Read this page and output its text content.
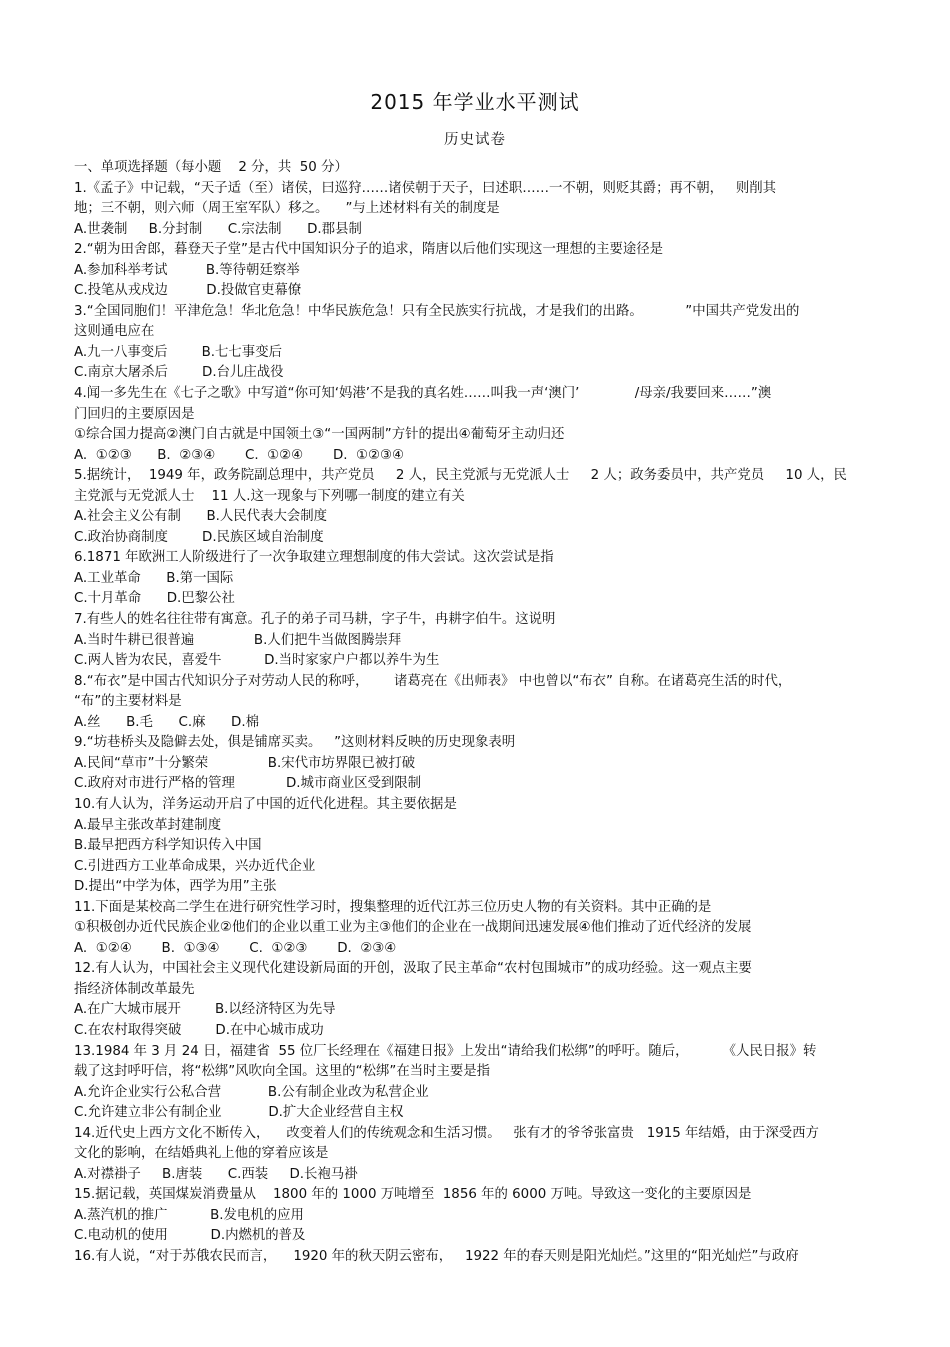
2015 年学业水平测试
历史试卷
一、单项选择题（每小题    2 分，共  50 分）
1.《孟子》中记载，“天子适（至）诸侯，曰巡狩……诸侯朝于天子，曰述职……一不朝，则贬其爵；再不朝，   则削其
地；三不朝，则六师（周王室军队）移之。    ”与上述材料有关的制度是
A.世袭制     B.分封制      C.宗法制      D.郡县制
2.“朝为田舍郎，暮登天子堂”是古代中国知识分子的追求，隋唐以后他们实现这一理想的主要途径是
A.参加科举考试         B.等待朝廷察举
C.投笔从戎戍边         D.投做官吏幕僚
3.“全国同胞们！平津危急！华北危急！中华民族危急！只有全民族实行抗战，才是我们的出路。          ”中国共产党发出的
这则通电应在
A.九一八事变后        B.七七事变后
C.南京大屠杀后        D.台儿庄战役
4.闻一多先生在《七子之歌》中写道“你可知‘妈港’不是我的真名姓……叫我一声‘澳门’             /母亲/我要回来……”澳
门回归的主要原因是
①综合国力提高②澳门自古就是中国领土③“一国两制”方针的提出④葡萄牙主动归还
A.  ①②③      B.  ②③④       C.  ①②④       D.  ①②③④
5.据统计，  1949 年，政务院副总理中，共产党员     2 人，民主党派与无党派人士     2 人；政务委员中，共产党员     10 人，民
主党派与无党派人士    11 人.这一现象与下列哪一制度的建立有关
A.社会主义公有制      B.人民代表大会制度
C.政治协商制度        D.民族区域自治制度
6.1871 年欧洲工人阶级进行了一次争取建立理想制度的伟大尝试。这次尝试是指
A.工业革命      B.第一国际
C.十月革命      D.巴黎公社
7.有些人的姓名往往带有寓意。孔子的弟子司马耕，字子牛，冉耕字伯牛。这说明
A.当时牛耕已很普遍              B.人们把牛当做图腾崇拜
C.两人皆为农民，喜爱牛          D.当时家家户户都以养牛为生
8.“布衣”是中国古代知识分子对劳动人民的称呼，      诸葛亮在《出师表》 中也曾以“布衣” 自称。在诸葛亮生活的时代，
“布”的主要材料是
A.丝      B.毛      C.麻      D.棉
9.“坊巷桥头及隐僻去处，俱是铺席买卖。   ”这则材料反映的历史现象表明
A.民间“草市”十分繁荣              B.宋代市坊界限已被打破
C.政府对市进行严格的管理            D.城市商业区受到限制
10.有人认为，洋务运动开启了中国的近代化进程。其主要依据是
A.最早主张改革封建制度
B.最早把西方科学知识传入中国
C.引进西方工业革命成果，兴办近代企业
D.提出“中学为体，西学为用”主张
11.下面是某校高二学生在进行研究性学习时，搜集整理的近代江苏三位历史人物的有关资料。其中正确的是
①积极创办近代民族企业②他们的企业以重工业为主③他们的企业在一战期间迅速发展④他们推动了近代经济的发展
A.  ①②④       B.  ①③④       C.  ①②③       D.  ②③④
12.有人认为，中国社会主义现代化建设新局面的开创，汲取了民主革命“农村包围城市”的成功经验。这一观点主要
指经济体制改革最先
A.在广大城市展开        B.以经济特区为先导
C.在农村取得突破        D.在中心城市成功
13.1984 年 3 月 24 日，福建省  55 位厂长经理在《福建日报》上发出“请给我们松绑”的呼吁。随后，        《人民日报》转
载了这封呼吁信，将“松绑”风吹向全国。这里的“松绑”在当时主要是指
A.允许企业实行公私合营           B.公有制企业改为私营企业
C.允许建立非公有制企业           D.扩大企业经营自主权
14.近代史上西方文化不断传入，    改变着人们的传统观念和生活习惯。   张有才的爷爷张富贵   1915 年结婚，由于深受西方
文化的影响，在结婚典礼上他的穿着应该是
A.对襟褂子     B.唐装      C.西装     D.长袍马褂
15.据记载，英国煤炭消费量从    1800 年的 1000 万吨增至  1856 年的 6000 万吨。导致这一变化的主要原因是
A.蒸汽机的推广          B.发电机的应用
C.电动机的使用          D.内燃机的普及
16.有人说，“对于苏俄农民而言，    1920 年的秋天阴云密布，   1922 年的春天则是阳光灿烂。”这里的“阳光灿烂”与政府
